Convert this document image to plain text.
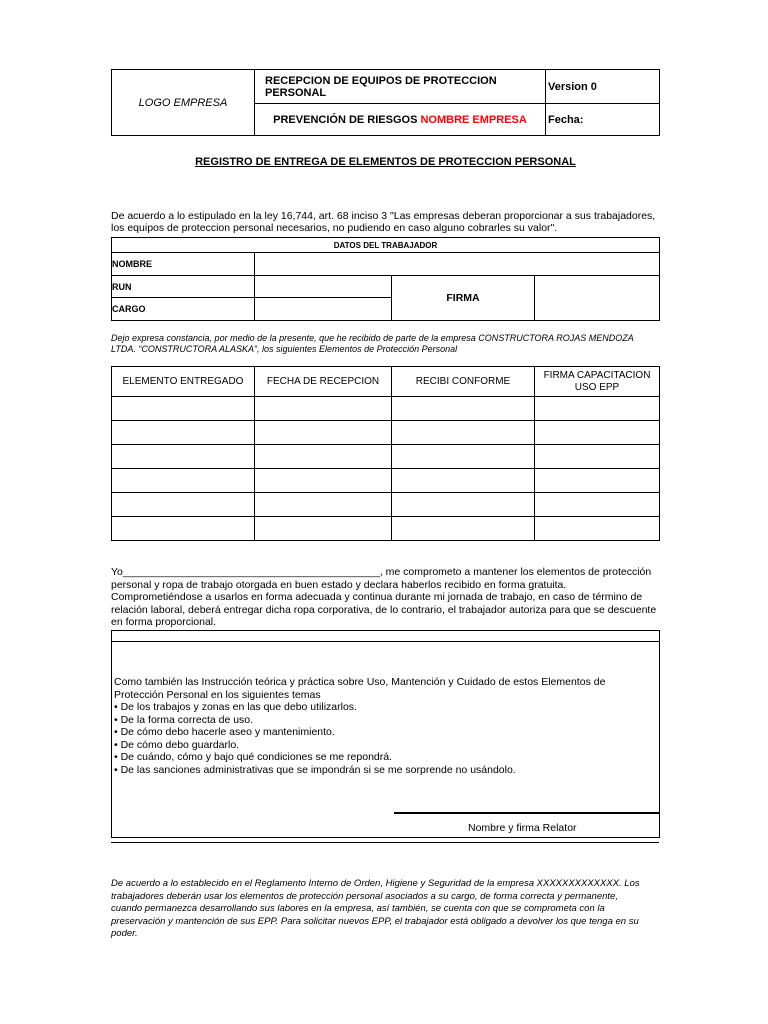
LOGO EMPRESA	RECEPCION DE EQUIPOS DE PROTECCION PERSONAL	Version 0
	PREVENCIÓN DE RIESGOS NOMBRE EMPRESA	Fecha:
REGISTRO DE ENTREGA DE ELEMENTOS DE PROTECCION PERSONAL
De acuerdo a lo estipulado en la ley 16,744, art. 68 inciso 3 "Las empresas deberan proporcionar a sus trabajadores, los equipos de proteccion personal necesarios, no pudiendo en caso alguno cobrarles su valor".
DATOS DEL TRABAJADOR			
NOMBRE			
RUN		FIRMA	
CARGO			
Dejo expresa constancia, por medio de la presente, que he recibido de parte de la empresa CONSTRUCTORA ROJAS MENDOZA LTDA. “CONSTRUCTORA ALASKA”, los siguientes Elementos de Protección Personal
ELEMENTO ENTREGADO	FECHA DE RECEPCION	RECIBI CONFORME	FIRMA CAPACITACION USO EPP

Yo____________________________________________, me comprometo a mantener los elementos de protección personal y ropa de trabajo otorgada en buen estado y declara haberlos recibido en forma gratuita. Comprometiéndose a usarlos en forma adecuada y continua durante mi jornada de trabajo, en caso de término de relación laboral, deberá entregar dicha ropa corporativa, de lo contrario, el trabajador autoriza para que se descuente en forma proporcional.
Como también las Instrucción teórica y práctica sobre Uso, Mantención y Cuidado de estos Elementos de Protección Personal en los siguientes temas
• De los trabajos y zonas en las que debo utilizarlos.
• De la forma correcta de uso.
• De cómo debo hacerle aseo y mantenimiento.
• De cómo debo guardarlo.
• De cuándo, cómo y bajo qué condiciones se me repondrá.
• De las sanciones administrativas que se impondrán si se me sorprende no usándolo.
Nombre y firma Relator
De acuerdo a lo establecido en el Reglamento Interno de Orden, Higiene y Seguridad de la empresa XXXXXXXXXXXXX. Los trabajadores deberán usar los elementos de protección personal asociados a su cargo, de forma correcta y permanente, cuando permanezca desarrollando sus labores en la empresa, así también, se cuenta con que se comprometa con la preservación y mantención de sus EPP. Para solicitar nuevos EPP, el trabajador está obligado a devolver los que tenga en su poder.
